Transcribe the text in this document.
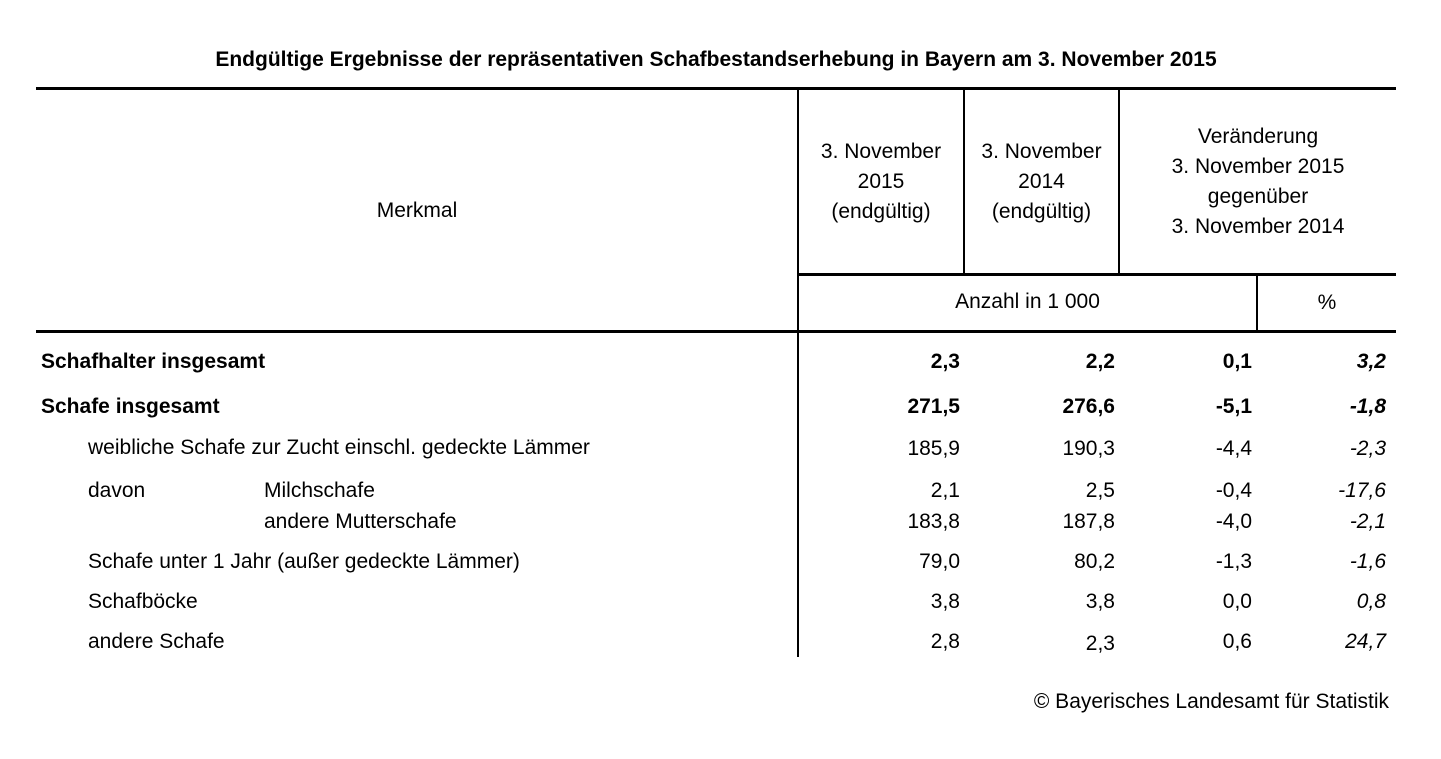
Endgültige Ergebnisse der repräsentativen Schafbestandserhebung in Bayern am 3. November 2015
Merkmal
3. November
2015
(endgültig)
3. November
2014
(endgültig)
Veränderung
3. November 2015
gegenüber
3. November 2014
Anzahl in 1 000	%
Schafhalter insgesamt	2,3	2,2	0,1	3,2
Schafe insgesamt	271,5	276,6	-5,1	-1,8
weibliche Schafe zur Zucht einschl. gedeckte Lämmer	185,9	190,3	-4,4	-2,3
davon	Milchschafe	2,1	2,5	-0,4	-17,6
andere Mutterschafe	183,8	187,8	-4,0	-2,1
Schafe unter 1 Jahr (außer gedeckte Lämmer)	79,0	80,2	-1,3	-1,6
Schafböcke	3,8	3,8	0,0	0,8
andere Schafe	2,8	2,3	0,6	24,7
© Bayerisches Landesamt für Statistik
